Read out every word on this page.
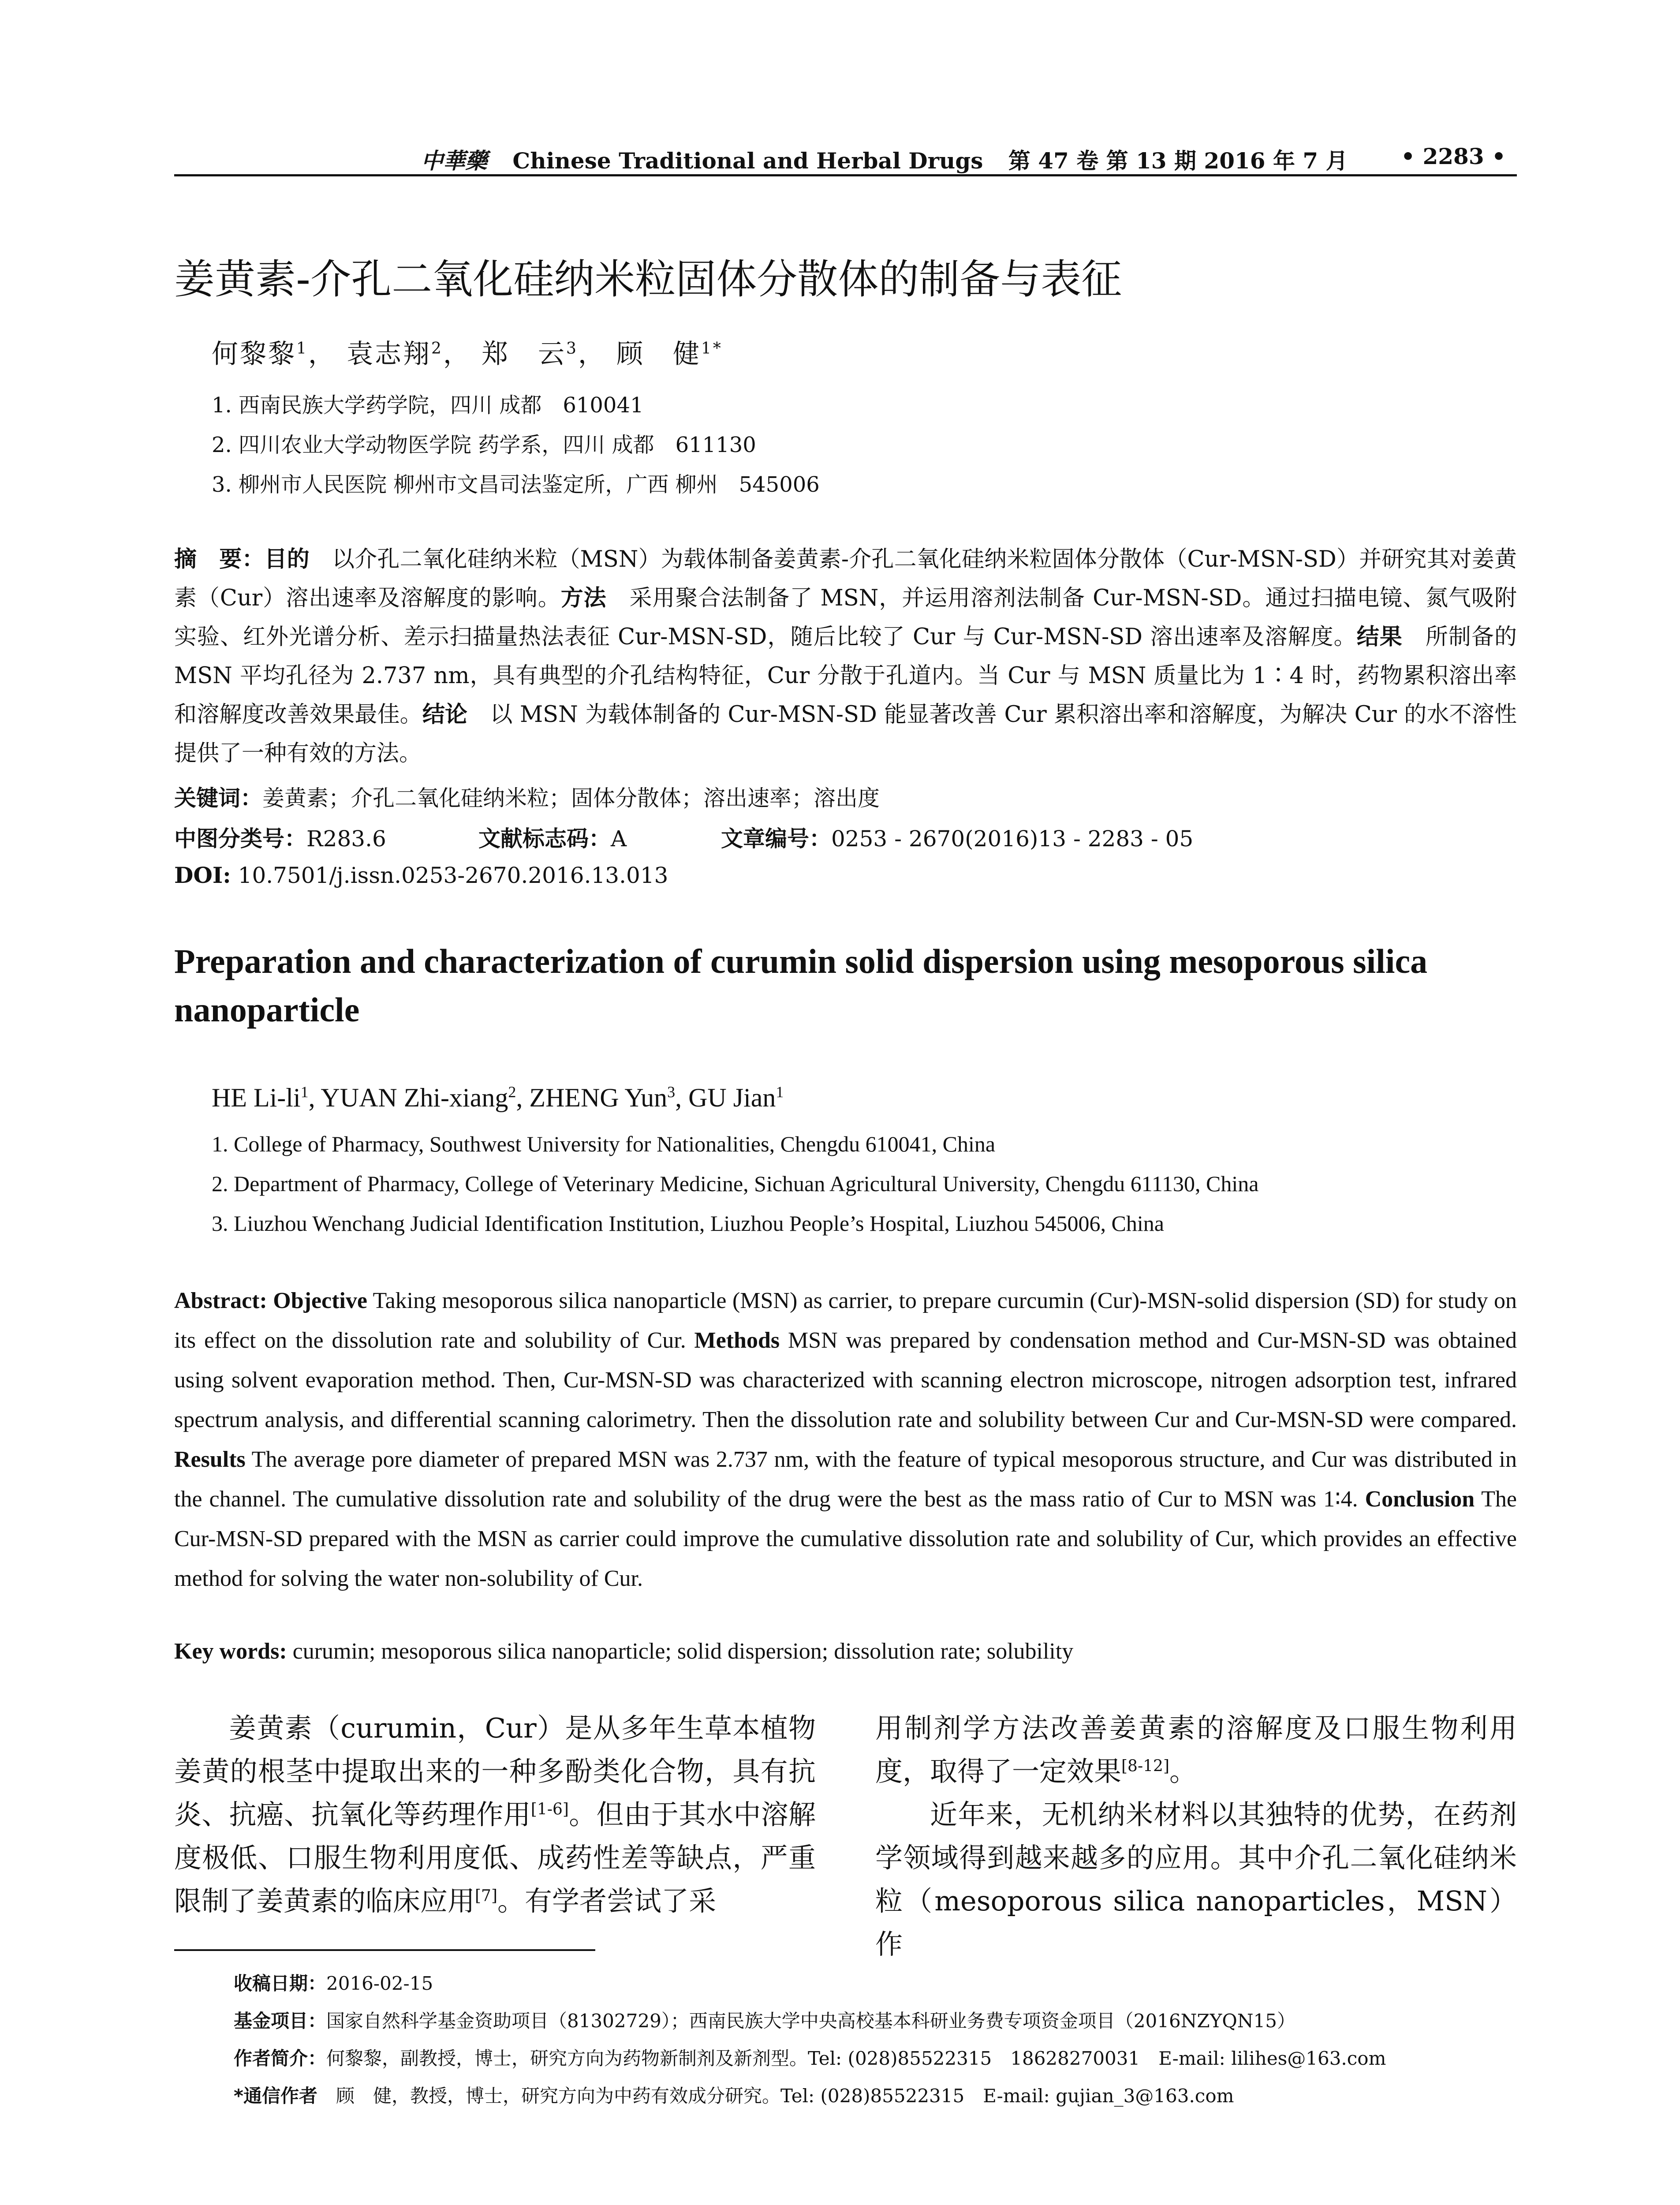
中華藥 Chinese Traditional and Herbal Drugs 第 47 卷 第 13 期 2016 年 7 月 • 2283 •
姜黄素-介孔二氧化硅纳米粒固体分散体的制备与表征
何黎黎$^1$， 袁志翔$^2$， 郑　云$^3$， 顾　健$^{1*}$
1. 西南民族大学药学院，四川 成都　610041
2. 四川农业大学动物医学院 药学系，四川 成都　611130
3. 柳州市人民医院 柳州市文昌司法鉴定所，广西 柳州　545006
摘　要：目的　以介孔二氧化硅纳米粒（MSN）为载体制备姜黄素-介孔二氧化硅纳米粒固体分散体（Cur-MSN-SD）并研究其对姜黄素（Cur）溶出速率及溶解度的影响。方法　采用聚合法制备了 MSN，并运用溶剂法制备 Cur-MSN-SD。通过扫描电镜、氮气吸附实验、红外光谱分析、差示扫描量热法表征 Cur-MSN-SD，随后比较了 Cur 与 Cur-MSN-SD 溶出速率及溶解度。结果　所制备的 MSN 平均孔径为 2.737 nm，具有典型的介孔结构特征，Cur 分散于孔道内。当 Cur 与 MSN 质量比为 1∶4 时，药物累积溶出率和溶解度改善效果最佳。结论　以 MSN 为载体制备的 Cur-MSN-SD 能显著改善 Cur 累积溶出率和溶解度，为解决 Cur 的水不溶性提供了一种有效的方法。
关键词：姜黄素；介孔二氧化硅纳米粒；固体分散体；溶出速率；溶出度
中图分类号：R283.6	文献标志码：A	文章编号：0253 - 2670(2016)13 - 2283 - 05
DOI: 10.7501/j.issn.0253-2670.2016.13.013
Preparation and characterization of curumin solid dispersion using mesoporous silica nanoparticle
HE $Li-li^1$, YUAN Zhi-xiang$^2$, ZHENG Yun$^3$, GU Jian$^1$
1. College of Pharmacy, Southwest University for Nationalities, Chengdu 610041, China
2. Department of Pharmacy, College of Veterinary Medicine, Sichuan Agricultural University, Chengdu 611130, China
3. Liuzhou Wenchang Judicial Identification Institution, Liuzhou People’s Hospital, Liuzhou 545006, China
Abstract: Objective Taking mesoporous silica nanoparticle (MSN) as carrier, to prepare curcumin (Cur)-MSN-solid dispersion (SD) for study on its effect on the dissolution rate and solubility of Cur. Methods MSN was prepared by condensation method and Cur-MSN-SD was obtained using solvent evaporation method. Then, Cur-MSN-SD was characterized with scanning electron microscope, nitrogen adsorption test, infrared spectrum analysis, and differential scanning calorimetry. Then the dissolution rate and solubility between Cur and Cur-MSN-SD were compared. Results The average pore diameter of prepared MSN was 2.737 nm, with the feature of typical mesoporous structure, and Cur was distributed in the channel. The cumulative dissolution rate and solubility of the drug were the best as the mass ratio of Cur to MSN was 1∶4. Conclusion The Cur-MSN-SD prepared with the MSN as carrier could improve the cumulative dissolution rate and solubility of Cur, which provides an effective method for solving the water non-solubility of Cur.
Key words: curumin; mesoporous silica nanoparticle; solid dispersion; dissolution rate; solubility
姜黄素（curumin，Cur）是从多年生草本植物姜黄的根茎中提取出来的一种多酚类化合物，具有抗炎、抗癌、抗氧化等药理作用[1-6]。但由于其水中溶解度极低、口服生物利用度低、成药性差等缺点，严重限制了姜黄素的临床应用[7]。有学者尝试了采
用制剂学方法改善姜黄素的溶解度及口服生物利用度，取得了一定效果[8-12]。
近年来，无机纳米材料以其独特的优势，在药剂学领域得到越来越多的应用。其中介孔二氧化硅纳米粒（mesoporous silica nanoparticles，MSN）作
收稿日期：2016-02-15
基金项目：国家自然科学基金资助项目（81302729）；西南民族大学中央高校基本科研业务费专项资金项目（2016NZYQN15）
作者简介：何黎黎，副教授，博士，研究方向为药物新制剂及新剂型。Tel: (028)85522315　18628270031　E-mail: lilihes@163.com
*通信作者　顾　健，教授，博士，研究方向为中药有效成分研究。Tel: (028)85522315　E-mail: gujian_3@163.com
